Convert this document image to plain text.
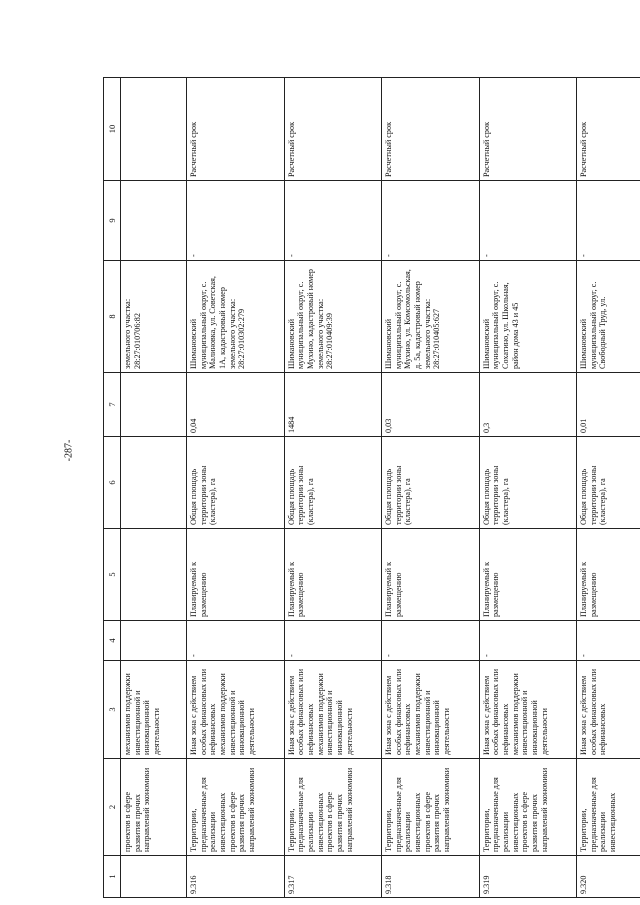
-287-
1	2	3	4	5	6	7	8	9	10
	проектов в сфере развития прочих направлений экономики	механизмов поддержки инвестиционной и инновационной деятельности					земельного участка: 28:27:010706:82		
9.316	Территории, предназначенные для реализации инвестиционных проектов в сфере развития прочих направлений экономики	Иная зона с действием особых финансовых или нефинансовых механизмов поддержки инвестиционной и инновационной деятельности	-	Планируемый к размещению	Общая площадь территории зоны (кластера), га	0,04	Шимановский муниципальный округ, с. Малиновка, ул. Советская, 1А, кадастровый номер земельного участка: 28:27:010302:279	-	Расчетный срок
9.317	Территории, предназначенные для реализации инвестиционных проектов в сфере развития прочих направлений экономики	Иная зона с действием особых финансовых или нефинансовых механизмов поддержки инвестиционной и инновационной деятельности	-	Планируемый к размещению	Общая площадь территории зоны (кластера), га	1484	Шимановский муниципальный округ, с. Мухино, кадастровый номер земельного участка: 28:27:010409:39	-	Расчетный срок
9.318	Территории, предназначенные для реализации инвестиционных проектов в сфере развития прочих направлений экономики	Иная зона с действием особых финансовых или нефинансовых механизмов поддержки инвестиционной и инновационной деятельности	-	Планируемый к размещению	Общая площадь территории зоны (кластера), га	0,03	Шимановский муниципальный округ, с. Мухино, ул. Комсомольская, д. 5а, кадастровый номер земельного участка: 28:27:010405:627	-	Расчетный срок
9.319	Территории, предназначенные для реализации инвестиционных проектов в сфере развития прочих направлений экономики	Иная зона с действием особых финансовых или нефинансовых механизмов поддержки инвестиционной и инновационной деятельности	-	Планируемый к размещению	Общая площадь территории зоны (кластера), га	0,3	Шимановский муниципальный округ, с. Сохатино, ул. Школьная, район дома 43 и 45	-	Расчетный срок
9.320	Территории, предназначенные для реализации инвестиционных	Иная зона с действием особых финансовых или нефинансовых	-	Планируемый к размещению	Общая площадь территории зоны (кластера), га	0,01	Шимановский муниципальный округ, с. Свободный Труд, ул.	-	Расчетный срок
